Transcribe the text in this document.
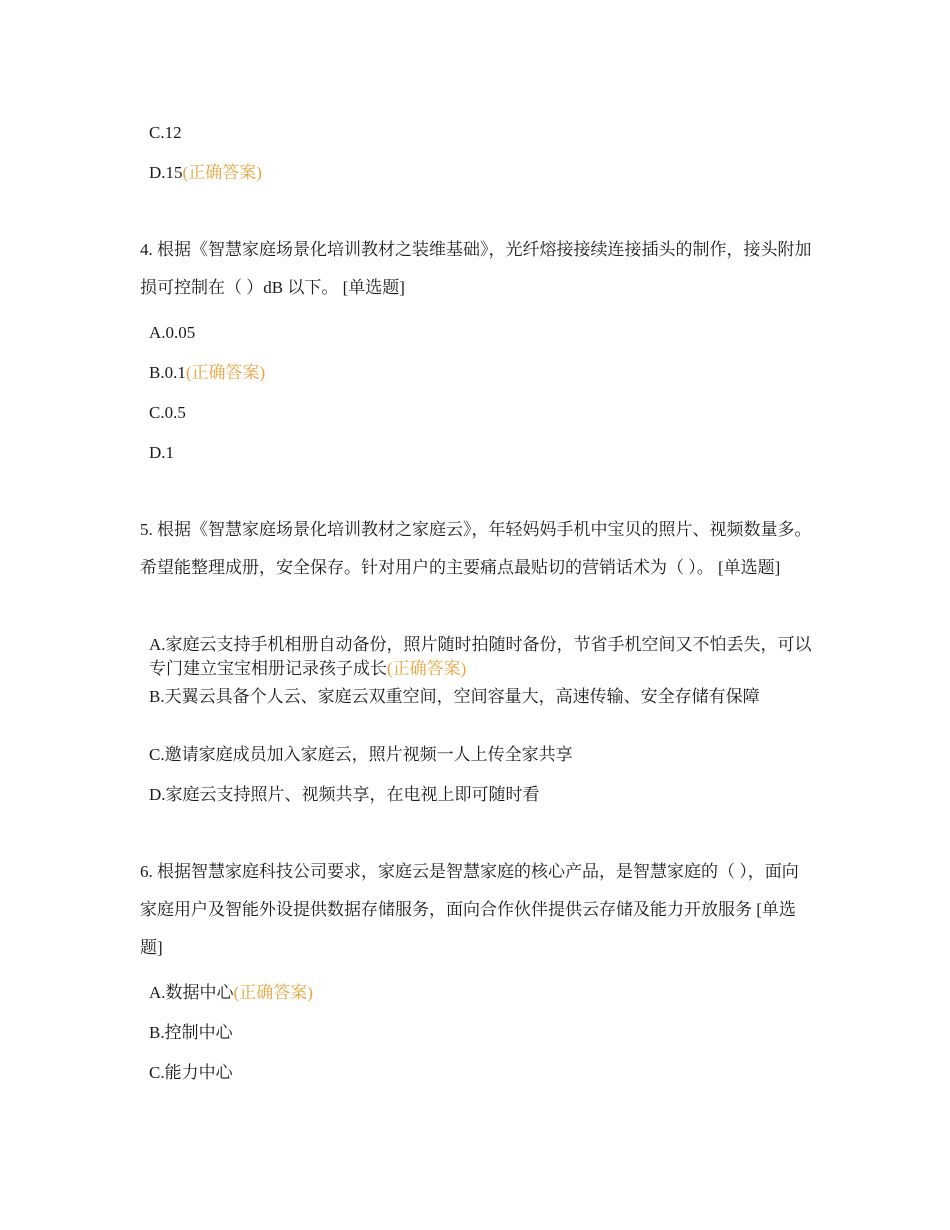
C.12
D.15(正确答案)
4. 根据《智慧家庭场景化培训教材之装维基础》，光纤熔接接续连接插头的制作，接头附加损可控制在（ ）dB 以下。 [单选题]
A.0.05
B.0.1(正确答案)
C.0.5
D.1
5. 根据《智慧家庭场景化培训教材之家庭云》，年轻妈妈手机中宝贝的照片、视频数量多。希望能整理成册，安全保存。针对用户的主要痛点最贴切的营销话术为（ ）。 [单选题]
A.家庭云支持手机相册自动备份，照片随时拍随时备份，节省手机空间又不怕丢失，可以专门建立宝宝相册记录孩子成长(正确答案)
B.天翼云具备个人云、家庭云双重空间，空间容量大，高速传输、安全存储有保障
C.邀请家庭成员加入家庭云，照片视频一人上传全家共享
D.家庭云支持照片、视频共享，在电视上即可随时看
6. 根据智慧家庭科技公司要求，家庭云是智慧家庭的核心产品，是智慧家庭的（ ），面向家庭用户及智能外设提供数据存储服务，面向合作伙伴提供云存储及能力开放服务 [单选题]
A.数据中心(正确答案)
B.控制中心
C.能力中心
